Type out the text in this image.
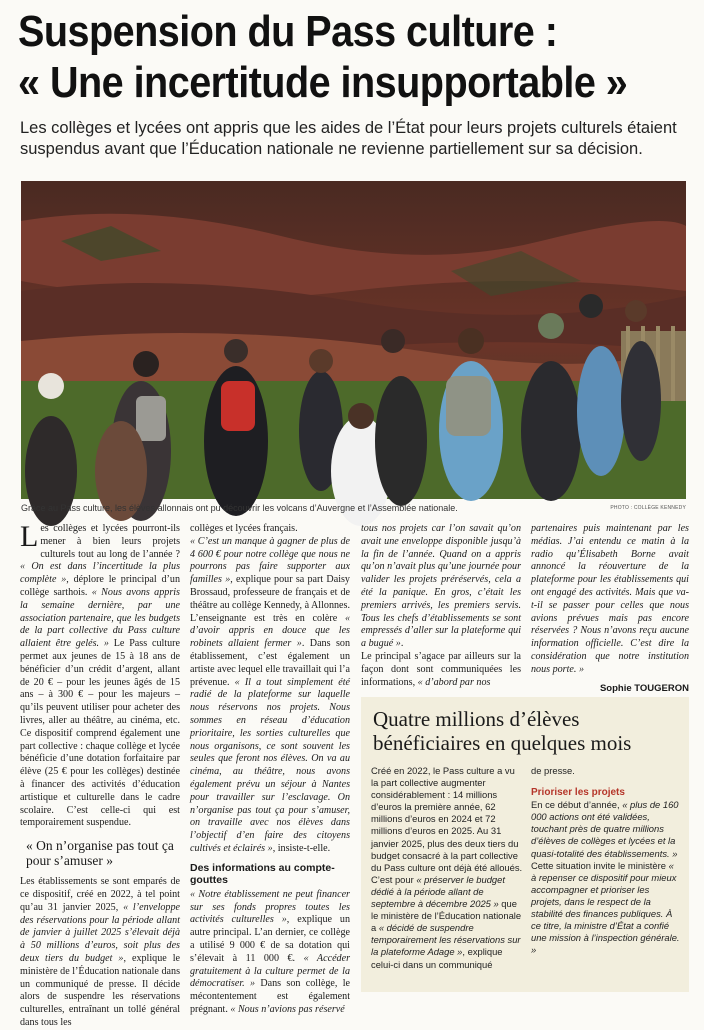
Suspension du Pass culture :
« Une incertitude insupportable »
Les collèges et lycées ont appris que les aides de l’État pour leurs projets culturels étaient suspendus avant que l’Éducation nationale ne revienne partiellement sur sa décision.
Grâce au Pass culture, les élèves allonnais ont pu découvrir les volcans d’Auvergne et l’Assemblée nationale.	PHOTO : COLLÈGE KENNEDY

Les collèges et lycées pourront-ils mener à bien leurs projets culturels tout au long de l’année ? « On est dans l’incertitude la plus complète », déplore le principal d’un collège sarthois. « Nous avons appris la semaine dernière, par une association partenaire, que les budgets de la part collective du Pass culture allaient être gelés. » Le Pass culture permet aux jeunes de 15 à 18 ans de bénéficier d’un crédit d’argent, allant de 20 € – pour les jeunes âgés de 15 ans – à 300 € – pour les majeurs – qu’ils peuvent utiliser pour acheter des livres, aller au théâtre, au cinéma, etc. Ce dispositif comprend également une part collective : chaque collège et lycée bénéficie d’une dotation forfaitaire par élève (25 € pour les collèges) destinée à financer des activités d’éducation artistique et culturelle dans le cadre scolaire. C’est celle-ci qui est temporairement suspendue.

« On n’organise pas tout ça pour s’amuser »

Les établissements se sont emparés de ce dispositif, créé en 2022, à tel point qu’au 31 janvier 2025, « l’enveloppe des réservations pour la période allant de janvier à juillet 2025 s’élevait déjà à 50 millions d’euros, soit plus des deux tiers du budget », explique le ministère de l’Éducation nationale dans un communiqué de presse. Il décide alors de suspendre les réservations culturelles, entraînant un tollé général dans tous les

collèges et lycées français.

« C’est un manque à gagner de plus de 4 600 € pour notre collège que nous ne pourrons pas faire supporter aux familles », explique pour sa part Daisy Brossaud, professeure de français et de théâtre au collège Kennedy, à Allonnes. L’enseignante est très en colère « d’avoir appris en douce que les robinets allaient fermer ». Dans son établissement, c’est également un artiste avec lequel elle travaillait qui l’a prévenue. « Il a tout simplement été radié de la plateforme sur laquelle nous réservons nos projets. Nous sommes en réseau d’éducation prioritaire, les sorties culturelles que nous organisons, ce sont souvent les seules que feront nos élèves. On va au cinéma, au théâtre, nous avons également prévu un séjour à Nantes pour travailler sur l’esclavage. On n’organise pas tout ça pour s’amuser, on travaille avec nos élèves dans l’objectif d’en faire des citoyens cultivés et éclairés », insiste-t-elle.

Des informations au compte-gouttes

« Notre établissement ne peut financer sur ses fonds propres toutes les activités culturelles », explique un autre principal. L’an dernier, ce collège a utilisé 9 000 € de sa dotation qui s’élevait à 11 000 €. « Accéder gratuitement à la culture permet de la démocratiser. » Dans son collège, le mécontentement est également prégnant. « Nous n’avions pas réservé

tous nos projets car l’on savait qu’on avait une enveloppe disponible jusqu’à la fin de l’année. Quand on a appris qu’on n’avait plus qu’une journée pour valider les projets préréservés, cela a été la panique. En gros, c’était les premiers arrivés, les premiers servis. Tous les chefs d’établissements se sont empressés d’aller sur la plateforme qui a bugué ».

Le principal s’agace par ailleurs sur la façon dont sont communiquées les informations, « d’abord par nos

partenaires puis maintenant par les médias. J’ai entendu ce matin à la radio qu’Élisabeth Borne avait annoncé la réouverture de la plateforme pour les établissements qui ont engagé des activités. Mais que va-t-il se passer pour celles que nous avions prévues mais pas encore réservées ? Nous n’avons reçu aucune information officielle. C’est dire la considération que notre institution nous porte. »

Sophie TOUGERON
Quatre millions d’élèves bénéficiaires en quelques mois
Créé en 2022, le Pass culture a vu la part collective augmenter considérablement : 14 millions d’euros la première année, 62 millions d’euros en 2024 et 72 millions d’euros en 2025. Au 31 janvier 2025, plus des deux tiers du budget consacré à la part collective du Pass culture ont déjà été alloués. C’est pour « préserver le budget dédié à la période allant de septembre à décembre 2025 » que le ministère de l’Éducation nationale a « décidé de suspendre temporairement les réservations sur la plateforme Adage », explique celui-ci dans un communiqué
de presse.
Prioriser les projets
En ce début d’année, « plus de 160 000 actions ont été validées, touchant près de quatre millions d’élèves de collèges et lycées et la quasi-totalité des établissements. » Cette situation invite le ministère « à repenser ce dispositif pour mieux accompagner et prioriser les projets, dans le respect de la stabilité des finances publiques. À ce titre, la ministre d’État a confié une mission à l’inspection générale. »
